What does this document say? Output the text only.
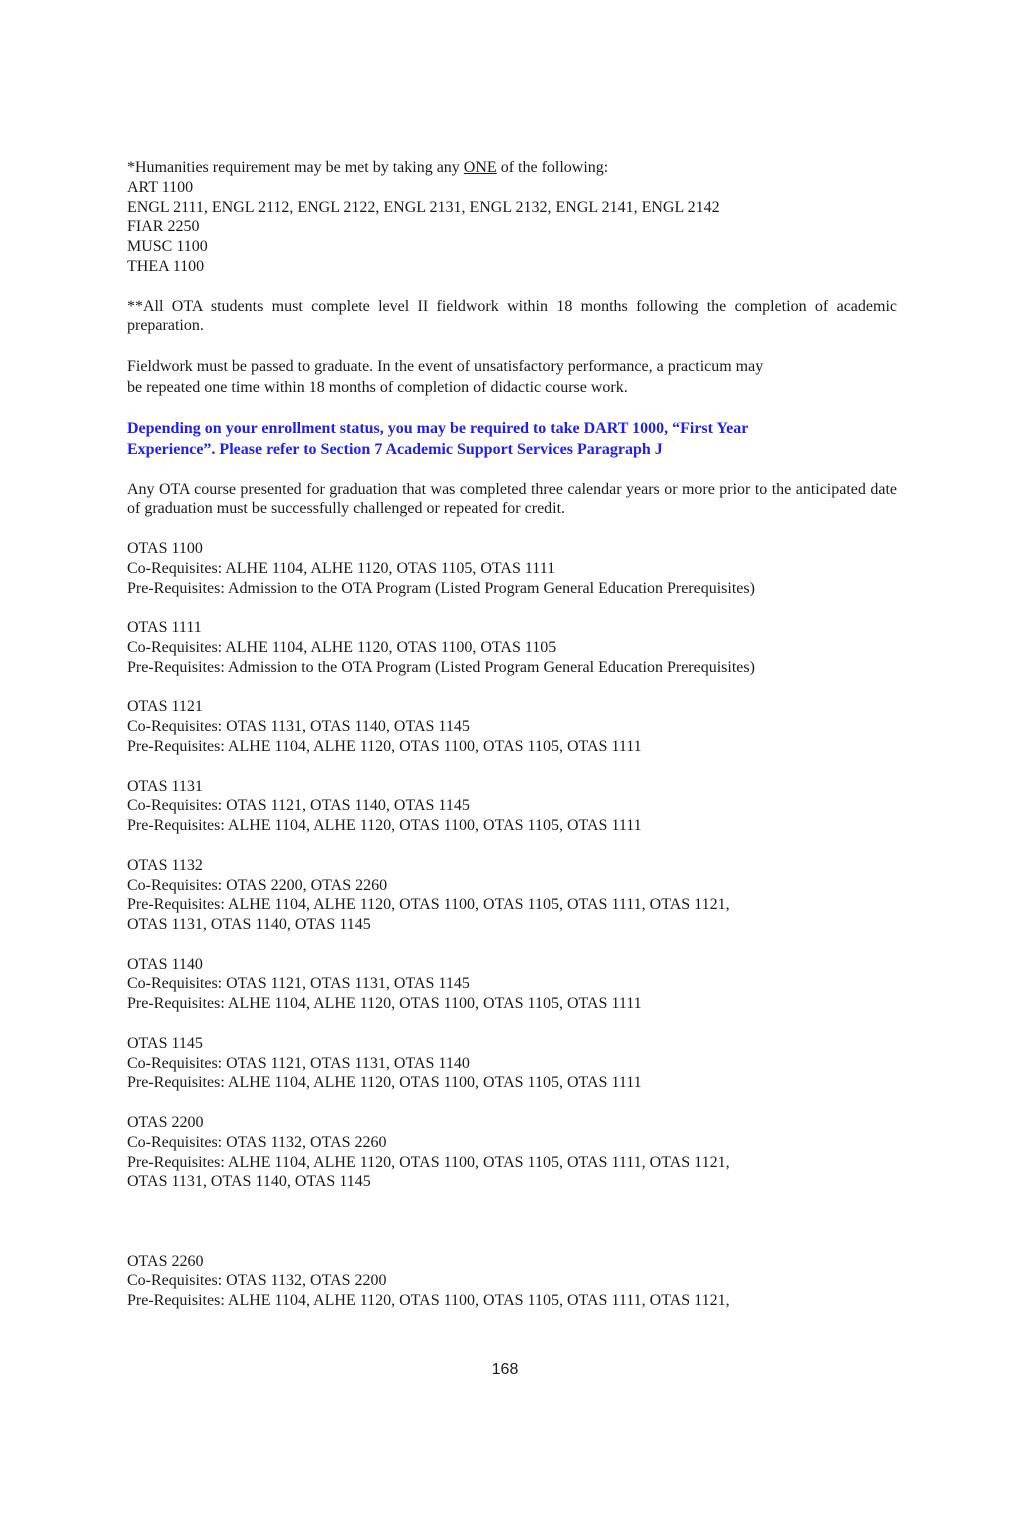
*Humanities requirement may be met by taking any ONE of the following:
ART 1100
ENGL 2111, ENGL 2112, ENGL 2122, ENGL 2131, ENGL 2132, ENGL 2141, ENGL 2142
FIAR 2250
MUSC 1100
THEA 1100

**All OTA students must complete level II fieldwork within 18 months following the completion of academic preparation.

Fieldwork must be passed to graduate. In the event of unsatisfactory performance, a practicum may
be repeated one time within 18 months of completion of didactic course work.
Depending on your enrollment status, you may be required to take DART 1000, “First Year
Experience”. Please refer to Section 7 Academic Support Services Paragraph J

Any OTA course presented for graduation that was completed three calendar years or more prior to the anticipated date of graduation must be successfully challenged or repeated for credit.

OTAS 1100
Co-Requisites: ALHE 1104, ALHE 1120, OTAS 1105, OTAS 1111
Pre-Requisites: Admission to the OTA Program (Listed Program General Education Prerequisites)
OTAS 1111
Co-Requisites: ALHE 1104, ALHE 1120, OTAS 1100, OTAS 1105
Pre-Requisites: Admission to the OTA Program (Listed Program General Education Prerequisites)
OTAS 1121
Co-Requisites: OTAS 1131, OTAS 1140, OTAS 1145
Pre-Requisites: ALHE 1104, ALHE 1120, OTAS 1100, OTAS 1105, OTAS 1111
OTAS 1131
Co-Requisites: OTAS 1121, OTAS 1140, OTAS 1145
Pre-Requisites: ALHE 1104, ALHE 1120, OTAS 1100, OTAS 1105, OTAS 1111
OTAS 1132
Co-Requisites: OTAS 2200, OTAS 2260
Pre-Requisites: ALHE 1104, ALHE 1120, OTAS 1100, OTAS 1105, OTAS 1111, OTAS 1121,
OTAS 1131, OTAS 1140, OTAS 1145
OTAS 1140
Co-Requisites: OTAS 1121, OTAS 1131, OTAS 1145
Pre-Requisites: ALHE 1104, ALHE 1120, OTAS 1100, OTAS 1105, OTAS 1111
OTAS 1145
Co-Requisites: OTAS 1121, OTAS 1131, OTAS 1140
Pre-Requisites: ALHE 1104, ALHE 1120, OTAS 1100, OTAS 1105, OTAS 1111
OTAS 2200
Co-Requisites: OTAS 1132, OTAS 2260
Pre-Requisites: ALHE 1104, ALHE 1120, OTAS 1100, OTAS 1105, OTAS 1111, OTAS 1121,
OTAS 1131, OTAS 1140, OTAS 1145
OTAS 2260
Co-Requisites: OTAS 1132, OTAS 2200
Pre-Requisites: ALHE 1104, ALHE 1120, OTAS 1100, OTAS 1105, OTAS 1111, OTAS 1121,
168
